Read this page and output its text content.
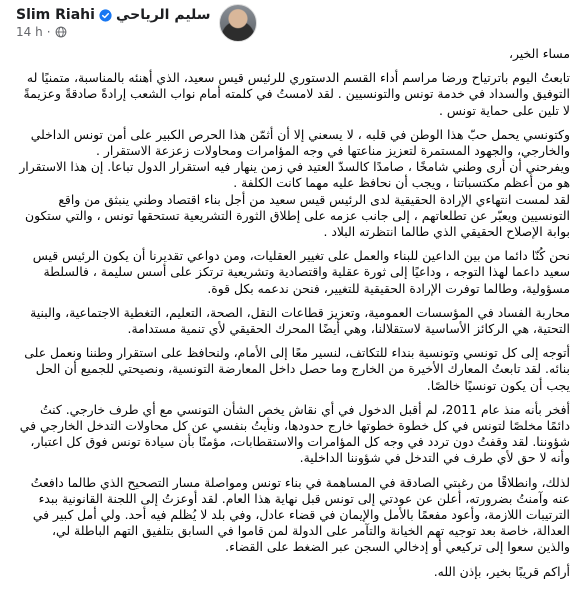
Slim Riahi سليم الرياحي
14 h ·

مساء الخير،

تابعتُ اليوم باترتياح ورضا مراسم أداء القسم الدستوري للرئيس قيس سعيد، الذي أهنئه بالمناسبة، متمنيًا له التوفيق والسداد في خدمة تونس والتونسيين . لقد لامستُ في كلمته أمام نواب الشعب إرادةً صادقةً وعزيمةً لا تلين على حماية تونس .

وكتونسي يحمل حبّ هذا الوطن في قلبه ، لا يسعني إلا أن أثمّن هذا الحرص الكبير على أمن تونس الداخلي والخارجي، والجهود المستمرة لتعزيز مناعتها في وجه المؤامرات ومحاولات زعزعة الاستقرار .

ويفرحني أن أرى وطني شامخًا ، صامدًا كالسدّ العتيد في زمن ينهار فيه استقرار الدول تباعا. إن هذا الاستقرار هو من أعظم مكتسباتنا ، ويجب أن نحافظ عليه مهما كانت الكلفة .

لقد لمست انتهاءي الإرادة الحقيقية لدى الرئيس قيس سعيد من أجل بناء اقتصاد وطني ينبثق من واقع التونسيين ويعبّر عن تطلعاتهم ، إلى جانب عزمه على إطلاق الثورة التشريعية تستحقها تونس ، والتي ستكون بوابة الإصلاح الحقيقي الذي طالما انتظرته البلاد .

نحن كُنّا دائما من بين الداعين للبناء والعمل على تغيير العقليات، ومن دواعي تقديرنا أن يكون الرئيس قيس سعيد داعما لهذا التوجه ، وداعيًا إلى ثورة عقلية واقتصادية وتشريعية ترتكز على أسس سليمة ، فالسلطة مسؤولية، وطالما توفرت الإرادة الحقيقية للتغيير، فنحن ندعمه بكل قوة.

محاربة الفساد في المؤسسات العمومية، وتعزيز قطاعات النقل، الصحة، التعليم، التغطية الاجتماعية، والبنية التحتية، هي الركائز الأساسية لاستقلالنا، وهي أيضًا المحرك الحقيقي لأي تنمية مستدامة.

أتوجه إلى كل تونسي وتونسية بنداء للتكاتف، لنسير معًا إلى الأمام، ولنحافظ على استقرار وطننا ونعمل على بنائه. لقد تابعتُ المعارك الأخيرة من الخارج وما حصل داخل المعارضة التونسية، ونصيحتي للجميع أن الحل يجب أن يكون تونسيًا خالصًا.

أفخر بأنه منذ عام 2011، لم أقبل الدخول في أي نقاش يخص الشأن التونسي مع أي طرف خارجي. كنتُ دائمًا مخلصًا لتونس في كل خطوة خطوتها خارج حدودها، ونأيتُ بنفسي عن كل محاولات التدخل الخارجي في شؤوننا. لقد وقفتُ دون تردد في وجه كل المؤامرات والاستقطابات، مؤمنًا بأن سيادة تونس فوق كل اعتبار، وأنه لا حق لأي طرف في التدخل في شؤوننا الداخلية.

لذلك، وانطلاقًا من رغبتي الصادقة في المساهمة في بناء تونس ومواصلة مسار التصحيح الذي طالما دافعتُ عنه وآمنتُ بضرورته، أعلن عن عودتي إلى تونس قبل نهاية هذا العام. لقد أوعزتُ إلى اللجنة القانونية ببدء الترتيبات اللازمة، وأعود مفعمًا بالأمل والإيمان في قضاء عادل، وفي بلد لا يُظلم فيه أحد. ولي أمل كبير في العدالة، خاصة بعد توجيه تهم الخيانة والتآمر على الدولة لمن قاموا في السابق بتلفيق التهم الباطلة لي، والذين سعوا إلى تركيعي أو إدخالي السجن عبر الضغط على القضاء.

أراكم قريبًا بخير، بإذن الله.
